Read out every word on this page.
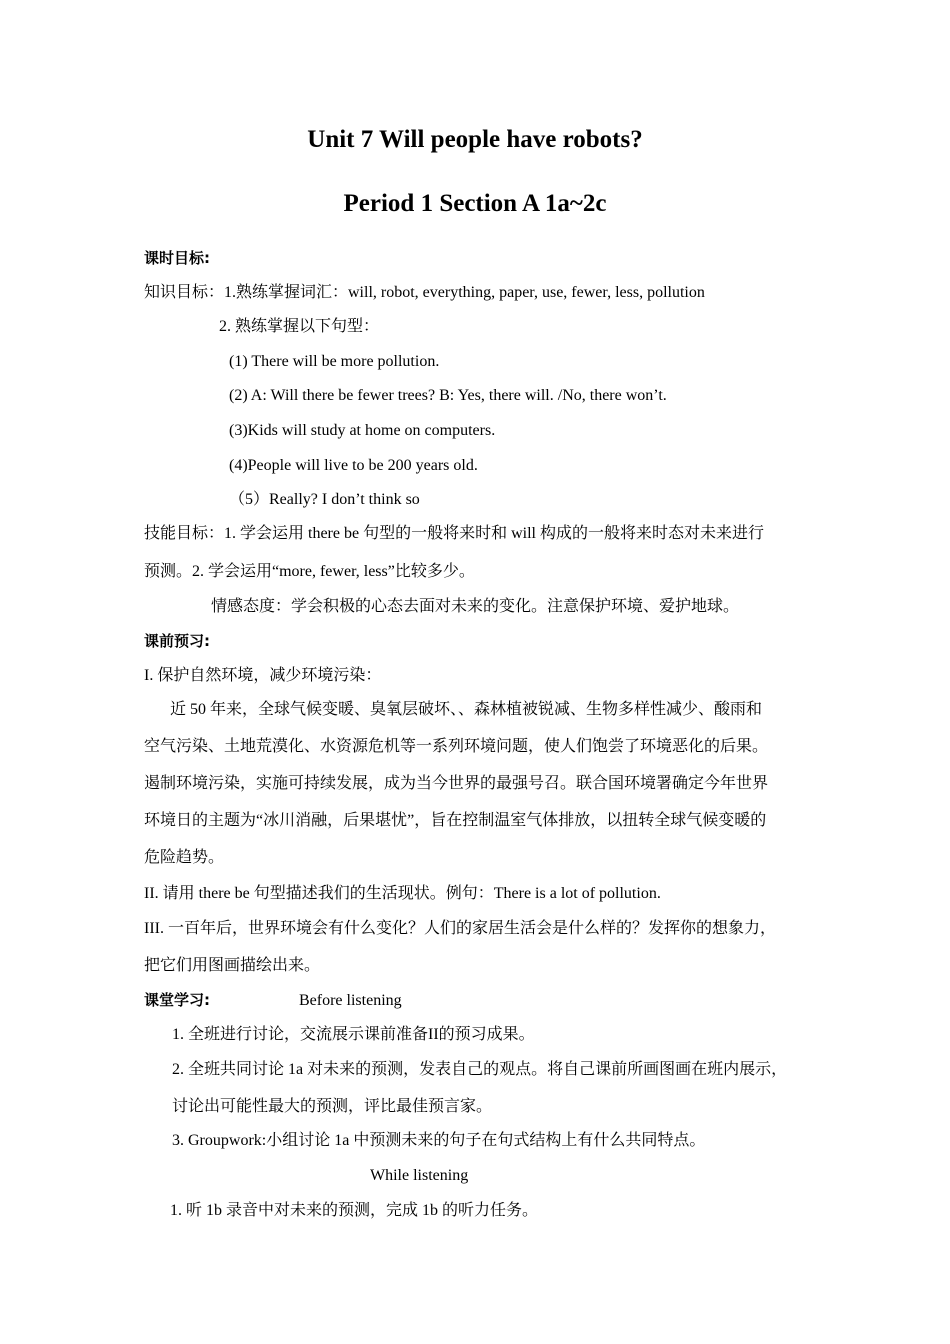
Unit 7 Will people have robots?
Period 1 Section A 1a~2c
课时目标:
知识目标：1.熟练掌握词汇：will, robot, everything, paper, use, fewer, less, pollution
2. 熟练掌握以下句型：
(1) There will be more pollution.
(2) A: Will there be fewer trees? B: Yes, there will. /No, there won’t.
(3)Kids will study at home on computers.
(4)People will live to be 200 years old.
（5）Really? I don’t think so
技能目标：1. 学会运用 there be 句型的一般将来时和 will 构成的一般将来时态对未来进行
预测。2. 学会运用“more, fewer, less”比较多少。
情感态度：学会积极的心态去面对未来的变化。注意保护环境、爱护地球。
课前预习:
I. 保护自然环境，减少环境污染：
近 50 年来，全球气候变暖、臭氧层破坏、、森林植被锐减、生物多样性减少、酸雨和
空气污染、土地荒漠化、水资源危机等一系列环境问题，使人们饱尝了环境恶化的后果。
遏制环境污染，实施可持续发展，成为当今世界的最强号召。联合国环境署确定今年世界
环境日的主题为“冰川消融，后果堪忧”，旨在控制温室气体排放，以扭转全球气候变暖的
危险趋势。
II. 请用 there be 句型描述我们的生活现状。例句：There is a lot of pollution.
III. 一百年后，世界环境会有什么变化？人们的家居生活会是什么样的？发挥你的想象力，
把它们用图画描绘出来。
课堂学习:	Before listening
1. 全班进行讨论，交流展示课前准备II的预习成果。
2. 全班共同讨论 1a 对未来的预测，发表自己的观点。将自己课前所画图画在班内展示，
讨论出可能性最大的预测，评比最佳预言家。
3. Groupwork:小组讨论 1a 中预测未来的句子在句式结构上有什么共同特点。
While listening
1. 听 1b 录音中对未来的预测，完成 1b 的听力任务。
